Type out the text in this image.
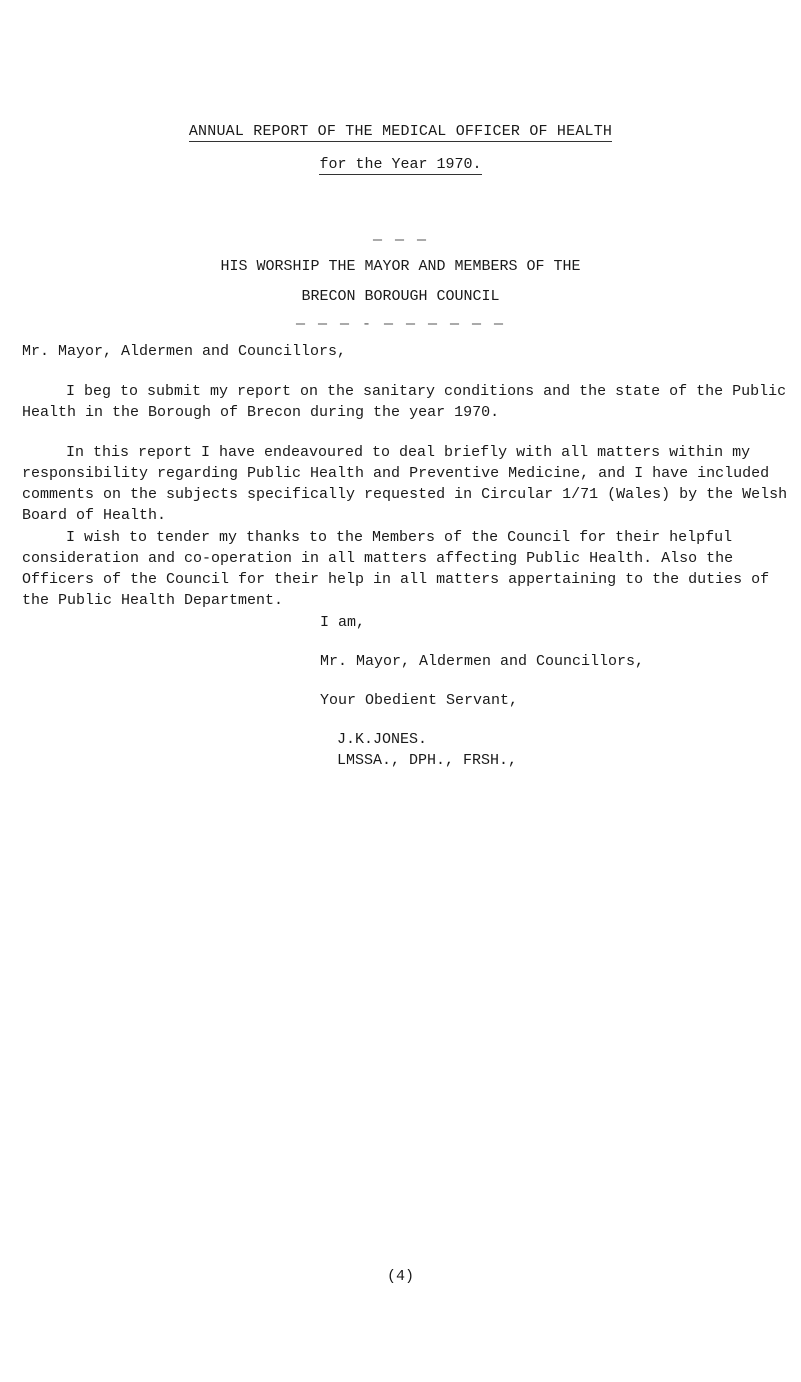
ANNUAL REPORT OF THE MEDICAL OFFICER OF HEALTH
for the Year 1970.
— — —
HIS WORSHIP THE MAYOR AND MEMBERS OF THE
BRECON BOROUGH COUNCIL
— — — - — — — — — —
Mr. Mayor, Aldermen and Councillors,
I beg to submit my report on the sanitary conditions and the state of the Public Health in the Borough of Brecon during the year 1970.
In this report I have endeavoured to deal briefly with all matters within my responsibility regarding Public Health and Preventive Medicine, and I have included comments on the subjects specifically requested in Circular 1/71 (Wales) by the Welsh Board of Health.
I wish to tender my thanks to the Members of the Council for their helpful consideration and co-operation in all matters affecting Public Health. Also the Officers of the Council for their help in all matters appertaining to the duties of the Public Health Department.
I am,
Mr. Mayor, Aldermen and Councillors,
Your Obedient Servant,
J.K.JONES.
LMSSA., DPH., FRSH.,
(4)
